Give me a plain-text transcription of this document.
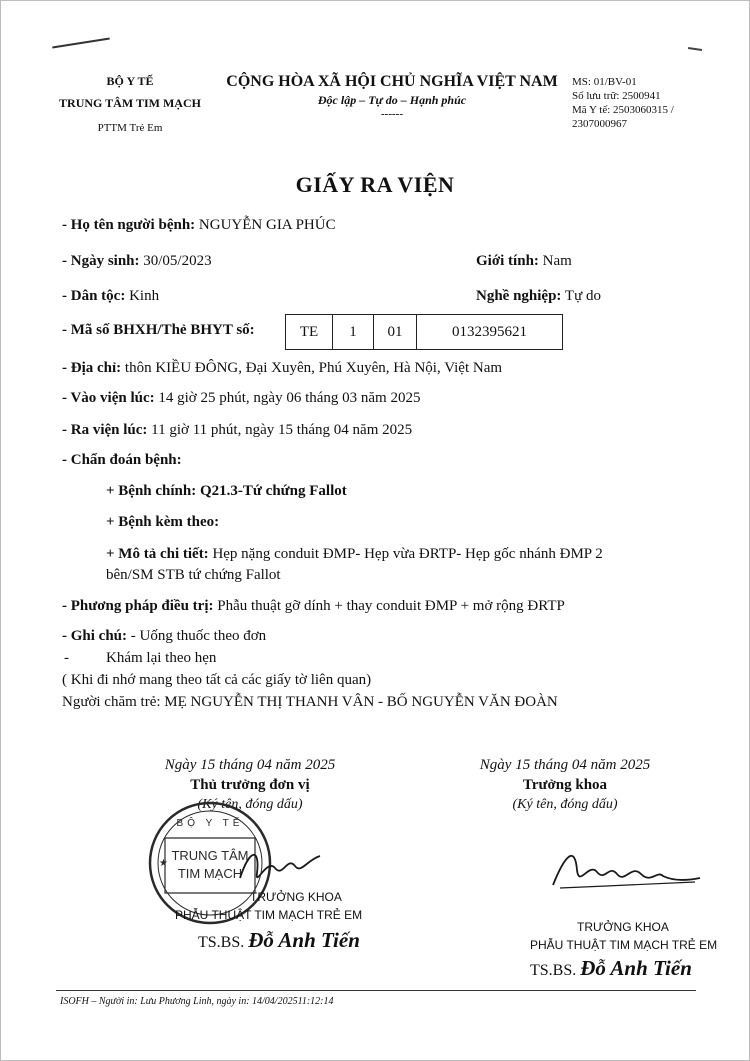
BỘ Y TẾ
TRUNG TÂM TIM MẠCH
PTTM Trẻ Em
CỘNG HÒA XÃ HỘI CHỦ NGHĨA VIỆT NAM
Độc lập – Tự do – Hạnh phúc
------
MS: 01/BV-01
Số lưu trữ: 2500941
Mã Y tế: 2503060315 /
2307000967
GIẤY RA VIỆN
- Họ tên người bệnh: NGUYỄN GIA PHÚC
- Ngày sinh: 30/05/2023	Giới tính: Nam
- Dân tộc: Kinh	Nghề nghiệp: Tự do
- Mã số BHXH/Thẻ BHYT số:	TE	1	01	0132395621
- Địa chỉ: thôn KIỀU ĐÔNG, Đại Xuyên, Phú Xuyên, Hà Nội, Việt Nam
- Vào viện lúc: 14 giờ 25 phút, ngày 06 tháng 03 năm 2025
- Ra viện lúc: 11 giờ 11 phút, ngày 15 tháng 04 năm 2025
- Chẩn đoán bệnh:
+ Bệnh chính: Q21.3-Tứ chứng Fallot
+ Bệnh kèm theo:
+ Mô tả chi tiết: Hẹp nặng conduit ĐMP- Hẹp vừa ĐRTP- Hẹp gốc nhánh ĐMP 2
bên/SM STB tứ chứng Fallot
- Phương pháp điều trị: Phẫu thuật gỡ dính + thay conduit ĐMP + mở rộng ĐRTP
- Ghi chú: - Uống thuốc theo đơn
- Khám lại theo hẹn
( Khi đi nhớ mang theo tất cả các giấy tờ liên quan)
Người chăm trẻ: MẸ NGUYỄN THỊ THANH VÂN - BỐ NGUYỄN VĂN ĐOÀN
Ngày 15 tháng 04 năm 2025
Thủ trưởng đơn vị
(Ký tên, đóng dấu)
BỘ Y TẾ
TRUNG TÂM
TIM MẠCH
★
TRƯỞNG KHOA
PHẪU THUẬT TIM MẠCH TRẺ EM
TS.BS. Đỗ Anh Tiến
Ngày 15 tháng 04 năm 2025
Trưởng khoa
(Ký tên, đóng dấu)
TRƯỞNG KHOA
PHẪU THUẬT TIM MẠCH TRẺ EM
TS.BS. Đỗ Anh Tiến
ISOFH – Người in: Lưu Phương Linh, ngày in: 14/04/202511:12:14
